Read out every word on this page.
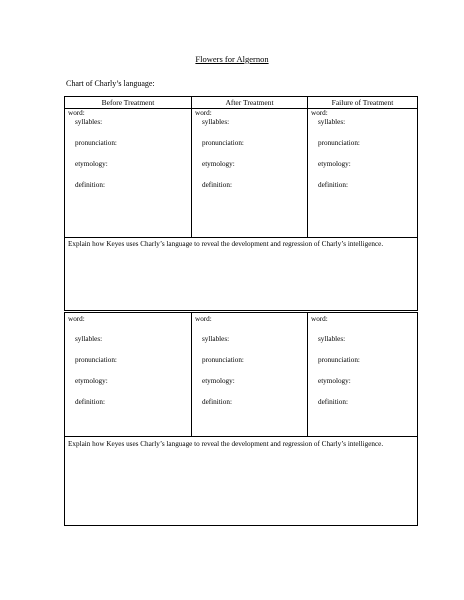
Flowers for Algernon
Chart of Charly’s language:
Before Treatment	After Treatment	Failure of Treatment
word:
syllables:
pronunciation:
etymology:
definition:
word:
syllables:
pronunciation:
etymology:
definition:
word:
syllables:
pronunciation:
etymology:
definition:
Explain how Keyes uses Charly’s language to reveal the development and regression of Charly’s intelligence.
word:
syllables:
pronunciation:
etymology:
definition:
word:
syllables:
pronunciation:
etymology:
definition:
word:
syllables:
pronunciation:
etymology:
definition:
Explain how Keyes uses Charly’s language to reveal the development and regression of Charly’s intelligence.
